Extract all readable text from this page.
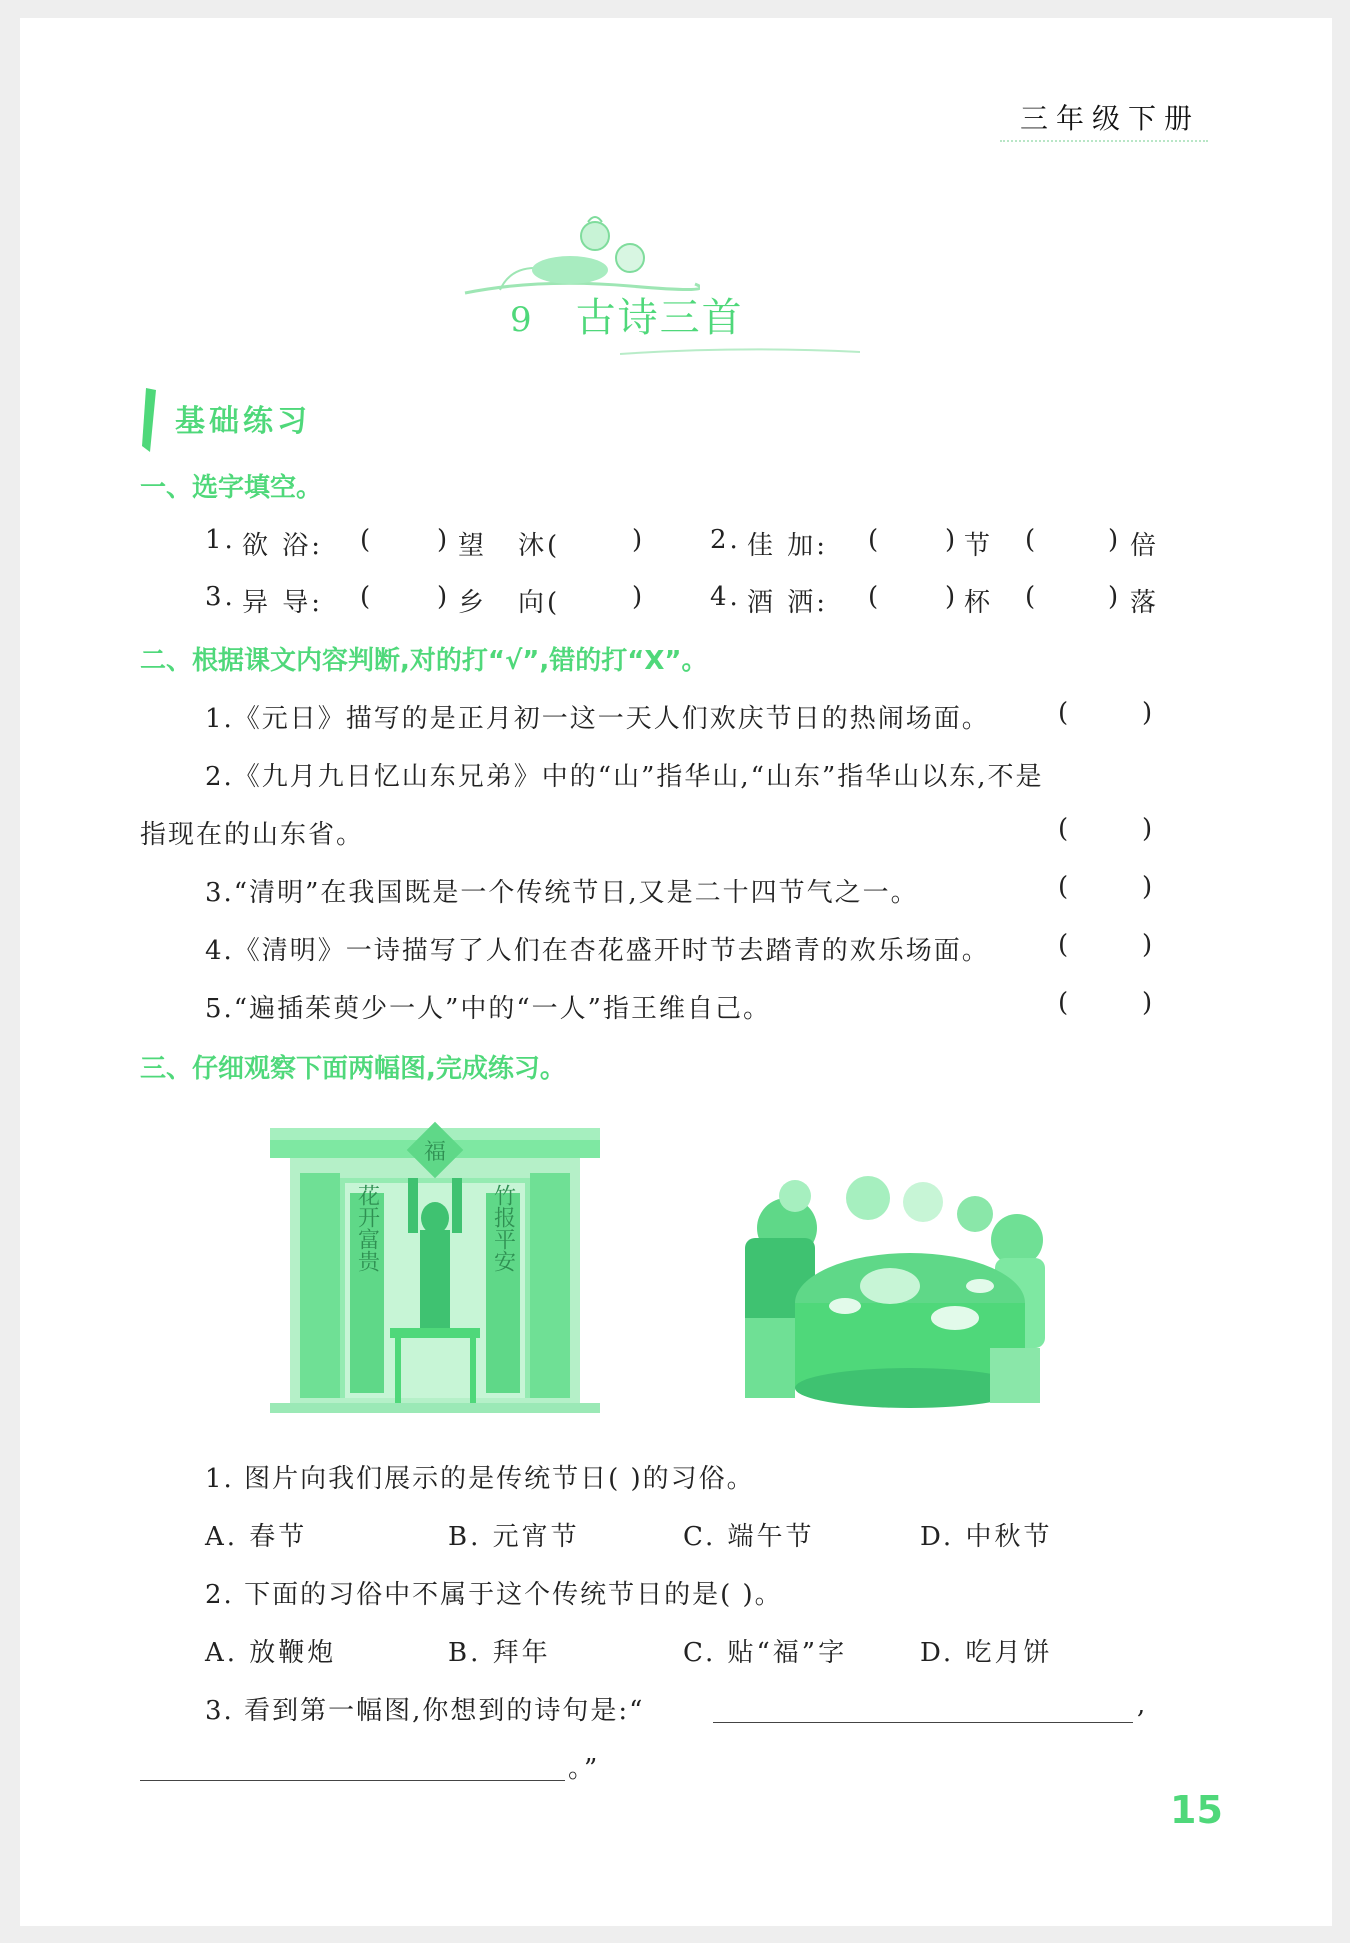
三年级下册
9 古诗三首
基础练习
一、选字填空。
1. 欲 浴: (	) 望 沐(	)	2. 佳 加: (	) 节 (	) 倍
3. 异 导: (	) 乡 向(	)	4. 酒 洒: (	) 杯 (	) 落
二、根据课文内容判断,对的打“√”,错的打“X”。
1.《元日》描写的是正月初一这一天人们欢庆节日的热闹场面。	(	)
2.《九月九日忆山东兄弟》中的“山”指华山,“山东”指华山以东,不是
指现在的山东省。	(	)
3.“清明”在我国既是一个传统节日,又是二十四节气之一。	(	)
4.《清明》一诗描写了人们在杏花盛开时节去踏青的欢乐场面。	(	)
5.“遍插茱萸少一人”中的“一人”指王维自己。	(	)
三、仔细观察下面两幅图,完成练习。
福
花开富贵	竹报平安
1. 图片向我们展示的是传统节日( )的习俗。
A. 春节	B. 元宵节	C. 端午节	D. 中秋节
2. 下面的习俗中不属于这个传统节日的是( )。
A. 放鞭炮	B. 拜年	C. 贴“福”字	D. 吃月饼
3. 看到第一幅图,你想到的诗句是:“	,
。”
15
